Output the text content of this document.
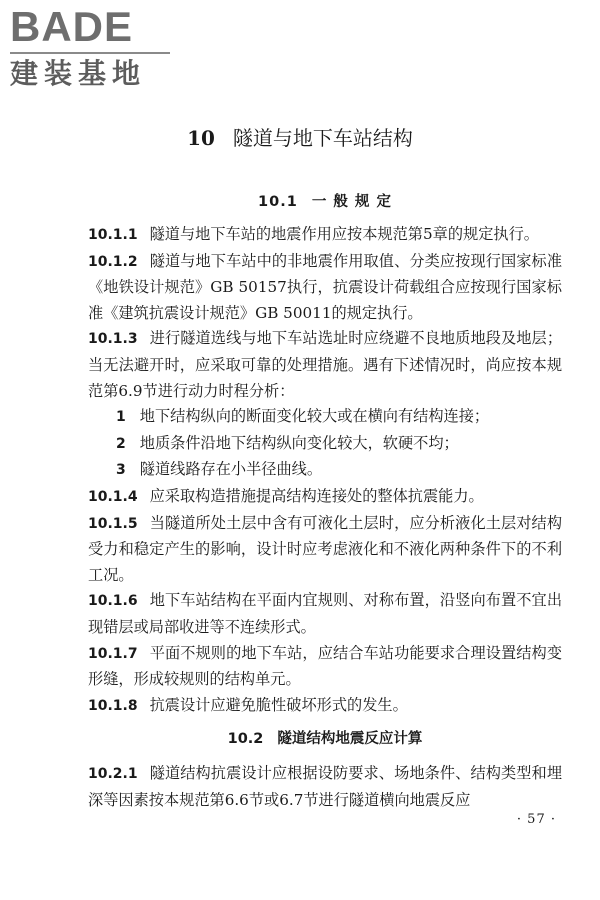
BADE
建装基地
10 隧道与地下车站结构
10.1 一 般 规 定

10.1.1 隧道与地下车站的地震作用应按本规范第5章的规定执行。

10.1.2 隧道与地下车站中的非地震作用取值、分类应按现行国家标准《地铁设计规范》GB 50157执行，抗震设计荷载组合应按现行国家标准《建筑抗震设计规范》GB 50011的规定执行。

10.1.3 进行隧道选线与地下车站选址时应绕避不良地质地段及地层；当无法避开时，应采取可靠的处理措施。遇有下述情况时，尚应按本规范第6.9节进行动力时程分析：

1 地下结构纵向的断面变化较大或在横向有结构连接；

2 地质条件沿地下结构纵向变化较大，软硬不均；

3 隧道线路存在小半径曲线。

10.1.4 应采取构造措施提高结构连接处的整体抗震能力。

10.1.5 当隧道所处土层中含有可液化土层时，应分析液化土层对结构受力和稳定产生的影响，设计时应考虑液化和不液化两种条件下的不利工况。

10.1.6 地下车站结构在平面内宜规则、对称布置，沿竖向布置不宜出现错层或局部收进等不连续形式。

10.1.7 平面不规则的地下车站，应结合车站功能要求合理设置结构变形缝，形成较规则的结构单元。

10.1.8 抗震设计应避免脆性破坏形式的发生。

10.2 隧道结构地震反应计算

10.2.1 隧道结构抗震设计应根据设防要求、场地条件、结构类型和埋深等因素按本规范第6.6节或6.7节进行隧道横向地震反应

· 57 ·
